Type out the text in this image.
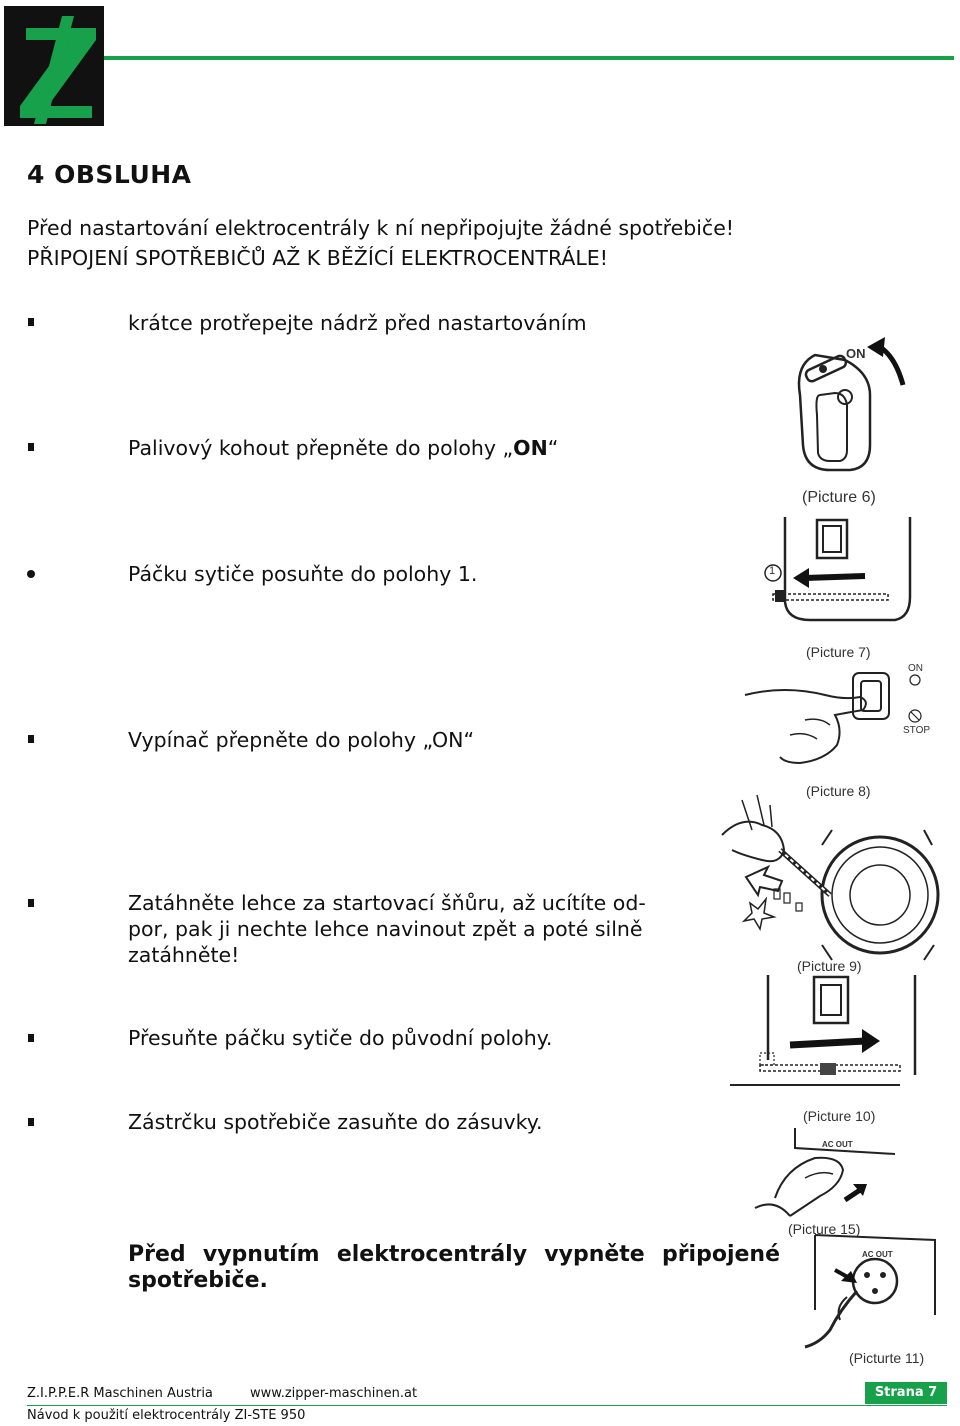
4 OBSLUHA
Před nastartování elektrocentrály k ní nepřipojujte žádné spotřebiče!
PŘIPOJENÍ SPOTŘEBIČŮ AŽ K BĚŽÍCÍ ELEKTROCENTRÁLE!
krátce protřepejte nádrž před nastartováním
Palivový kohout přepněte do polohy „ON“
Páčku sytiče posuňte do polohy 1.
Vypínač přepněte do polohy „ON“
Zatáhněte lehce za startovací šňůru, až ucítíte od-
por, pak ji nechte lehce navinout zpět a poté silně
zatáhněte!
Přesuňte páčku sytiče do původní polohy.
Zástrčku spotřebiče zasuňte do zásuvky.
Před vypnutím elektrocentrály vypněte připojené spotřebiče.
ON
(Picture 6)
1
(Picture 7)
ON
STOP
(Picture 8)
(Picture 9)
(Picture 10)
AC OUT
(Picture 15)
AC OUT
(Picturte 11)
Z.I.P.P.E.R Maschinen Austria	www.zipper-maschinen.at	Strana 7
Návod k použití elektrocentrály ZI-STE 950
